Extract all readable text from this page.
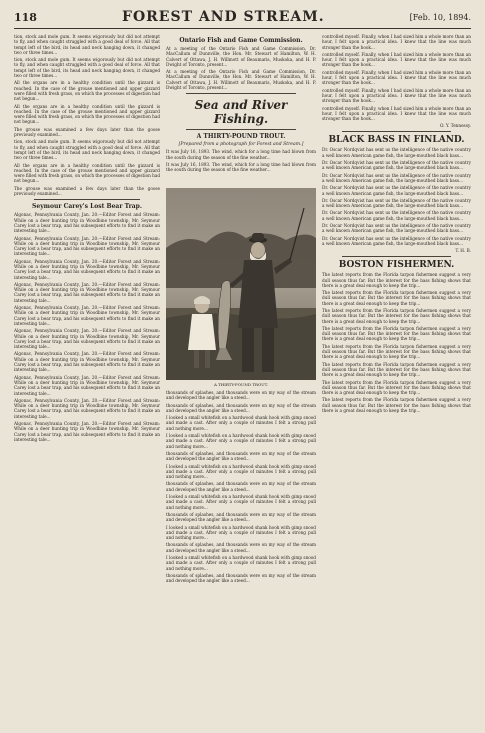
118	FOREST AND STREAM.	[Feb. 10, 1894.

tion, stock and mole gum. It seems wigorously but did not attempt to fly, and when caught struggled with a good deal of force. All that tempt left of the bird, its head and neck hanging down, it changed two or three times...

tion, stock and mole gum. It seems wigorously but did not attempt to fly, and when caught struggled with a good deal of force. All that tempt left of the bird, its head and neck hanging down, it changed two or three times...

All the organs are in a healthy condition until the gizzard is reached. In the case of the grouse mentioned and upper gizzard were filled with fresh grass, on which the processes of digestion had not begun...

All the organs are in a healthy condition until the gizzard is reached. In the case of the grouse mentioned and upper gizzard were filled with fresh grass, on which the processes of digestion had not begun...

The grouse was examined a few days later than the goose previously examined...

tion, stock and mole gum. It seems wigorously but did not attempt to fly, and when caught struggled with a good deal of force. All that tempt left of the bird, its head and neck hanging down, it changed two or three times...

All the organs are in a healthy condition until the gizzard is reached. In the case of the grouse mentioned and upper gizzard were filled with fresh grass, on which the processes of digestion had not begun...

The grouse was examined a few days later than the goose previously examined...

Seymour Carey's Lost Bear Trap.

Algonac, Pennsylvania County, Jan. 20.—Editor Forest and Stream: While on a deer hunting trip in Woodbine township, Mr. Seymour Carey lost a bear trap, and his subsequent efforts to find it make an interesting tale...

Algonac, Pennsylvania County, Jan. 20.—Editor Forest and Stream: While on a deer hunting trip in Woodbine township, Mr. Seymour Carey lost a bear trap, and his subsequent efforts to find it make an interesting tale...

Algonac, Pennsylvania County, Jan. 20.—Editor Forest and Stream: While on a deer hunting trip in Woodbine township, Mr. Seymour Carey lost a bear trap, and his subsequent efforts to find it make an interesting tale...

Algonac, Pennsylvania County, Jan. 20.—Editor Forest and Stream: While on a deer hunting trip in Woodbine township, Mr. Seymour Carey lost a bear trap, and his subsequent efforts to find it make an interesting tale...

Algonac, Pennsylvania County, Jan. 20.—Editor Forest and Stream: While on a deer hunting trip in Woodbine township, Mr. Seymour Carey lost a bear trap, and his subsequent efforts to find it make an interesting tale...

Algonac, Pennsylvania County, Jan. 20.—Editor Forest and Stream: While on a deer hunting trip in Woodbine township, Mr. Seymour Carey lost a bear trap, and his subsequent efforts to find it make an interesting tale...

Algonac, Pennsylvania County, Jan. 20.—Editor Forest and Stream: While on a deer hunting trip in Woodbine township, Mr. Seymour Carey lost a bear trap, and his subsequent efforts to find it make an interesting tale...

Algonac, Pennsylvania County, Jan. 20.—Editor Forest and Stream: While on a deer hunting trip in Woodbine township, Mr. Seymour Carey lost a bear trap, and his subsequent efforts to find it make an interesting tale...

Algonac, Pennsylvania County, Jan. 20.—Editor Forest and Stream: While on a deer hunting trip in Woodbine township, Mr. Seymour Carey lost a bear trap, and his subsequent efforts to find it make an interesting tale...

Algonac, Pennsylvania County, Jan. 20.—Editor Forest and Stream: While on a deer hunting trip in Woodbine township, Mr. Seymour Carey lost a bear trap, and his subsequent efforts to find it make an interesting tale...

Ontario Fish and Game Commission.

At a meeting of the Ontario Fish and Game Commission, Dr. MacCallum of Dunnville, the Hon. Mr. Stewart of Hamilton, W. H. Calvert of Ottawa, J. H. Willmott of Beaumaris, Muskoka, and H. P. Dwight of Toronto, present...

At a meeting of the Ontario Fish and Game Commission, Dr. MacCallum of Dunnville, the Hon. Mr. Stewart of Hamilton, W. H. Calvert of Ottawa, J. H. Willmott of Beaumaris, Muskoka, and H. P. Dwight of Toronto, present...

Sea and River Fishing.

A THIRTY-POUND TROUT.

[Prepared from a photograph for Forest and Stream.]

It was July 16, 1893. The wind, which for a long time had blown from the south during the season of the fine weather...

It was July 16, 1893. The wind, which for a long time had blown from the south during the season of the fine weather...

A THIRTY-POUND TROUT.

thousands of splashes, and thousands were on my way of the stream and developed the angler like a steed...

thousands of splashes, and thousands were on my way of the stream and developed the angler like a steed...

I looked a small whitefish on a hardwood shank hook with gimp snood and made a cast. After only a couple of minutes I felt a strong pull and nothing more...

I looked a small whitefish on a hardwood shank hook with gimp snood and made a cast. After only a couple of minutes I felt a strong pull and nothing more...

thousands of splashes, and thousands were on my way of the stream and developed the angler like a steed...

I looked a small whitefish on a hardwood shank hook with gimp snood and made a cast. After only a couple of minutes I felt a strong pull and nothing more...

thousands of splashes, and thousands were on my way of the stream and developed the angler like a steed...

I looked a small whitefish on a hardwood shank hook with gimp snood and made a cast. After only a couple of minutes I felt a strong pull and nothing more...

thousands of splashes, and thousands were on my way of the stream and developed the angler like a steed...

I looked a small whitefish on a hardwood shank hook with gimp snood and made a cast. After only a couple of minutes I felt a strong pull and nothing more...

thousands of splashes, and thousands were on my way of the stream and developed the angler like a steed...

I looked a small whitefish on a hardwood shank hook with gimp snood and made a cast. After only a couple of minutes I felt a strong pull and nothing more...

thousands of splashes, and thousands were on my way of the stream and developed the angler like a steed...

controlled myself. Finally, when I had sized him a whole more than an hour, I felt upon a practical idea. I knew that the line was much stronger than the hook...

controlled myself. Finally, when I had sized him a whole more than an hour, I felt upon a practical idea. I knew that the line was much stronger than the hook...

controlled myself. Finally, when I had sized him a whole more than an hour, I felt upon a practical idea. I knew that the line was much stronger than the hook...

controlled myself. Finally, when I had sized him a whole more than an hour, I felt upon a practical idea. I knew that the line was much stronger than the hook...

controlled myself. Finally, when I had sized him a whole more than an hour, I felt upon a practical idea. I knew that the line was much stronger than the hook...

O. Y. Tennessy.

BLACK BASS IN FINLAND.

Dr. Oscar Nordqvist has sent us the intelligence of the native country a well known American game fish, the large-mouthed black bass...

Dr. Oscar Nordqvist has sent us the intelligence of the native country a well known American game fish, the large-mouthed black bass...

Dr. Oscar Nordqvist has sent us the intelligence of the native country a well known American game fish, the large-mouthed black bass...

Dr. Oscar Nordqvist has sent us the intelligence of the native country a well known American game fish, the large-mouthed black bass...

Dr. Oscar Nordqvist has sent us the intelligence of the native country a well known American game fish, the large-mouthed black bass...

Dr. Oscar Nordqvist has sent us the intelligence of the native country a well known American game fish, the large-mouthed black bass...

Dr. Oscar Nordqvist has sent us the intelligence of the native country a well known American game fish, the large-mouthed black bass...

Dr. Oscar Nordqvist has sent us the intelligence of the native country a well known American game fish, the large-mouthed black bass...

T. H. B.

BOSTON FISHERMEN.

The latest reports from the Florida tarpon fishermen suggest a very dull season thus far. But the interest for the bass fishing shows that there is a great deal enough to keep the trip...

The latest reports from the Florida tarpon fishermen suggest a very dull season thus far. But the interest for the bass fishing shows that there is a great deal enough to keep the trip...

The latest reports from the Florida tarpon fishermen suggest a very dull season thus far. But the interest for the bass fishing shows that there is a great deal enough to keep the trip...

The latest reports from the Florida tarpon fishermen suggest a very dull season thus far. But the interest for the bass fishing shows that there is a great deal enough to keep the trip...

The latest reports from the Florida tarpon fishermen suggest a very dull season thus far. But the interest for the bass fishing shows that there is a great deal enough to keep the trip...

The latest reports from the Florida tarpon fishermen suggest a very dull season thus far. But the interest for the bass fishing shows that there is a great deal enough to keep the trip...

The latest reports from the Florida tarpon fishermen suggest a very dull season thus far. But the interest for the bass fishing shows that there is a great deal enough to keep the trip...

The latest reports from the Florida tarpon fishermen suggest a very dull season thus far. But the interest for the bass fishing shows that there is a great deal enough to keep the trip...
